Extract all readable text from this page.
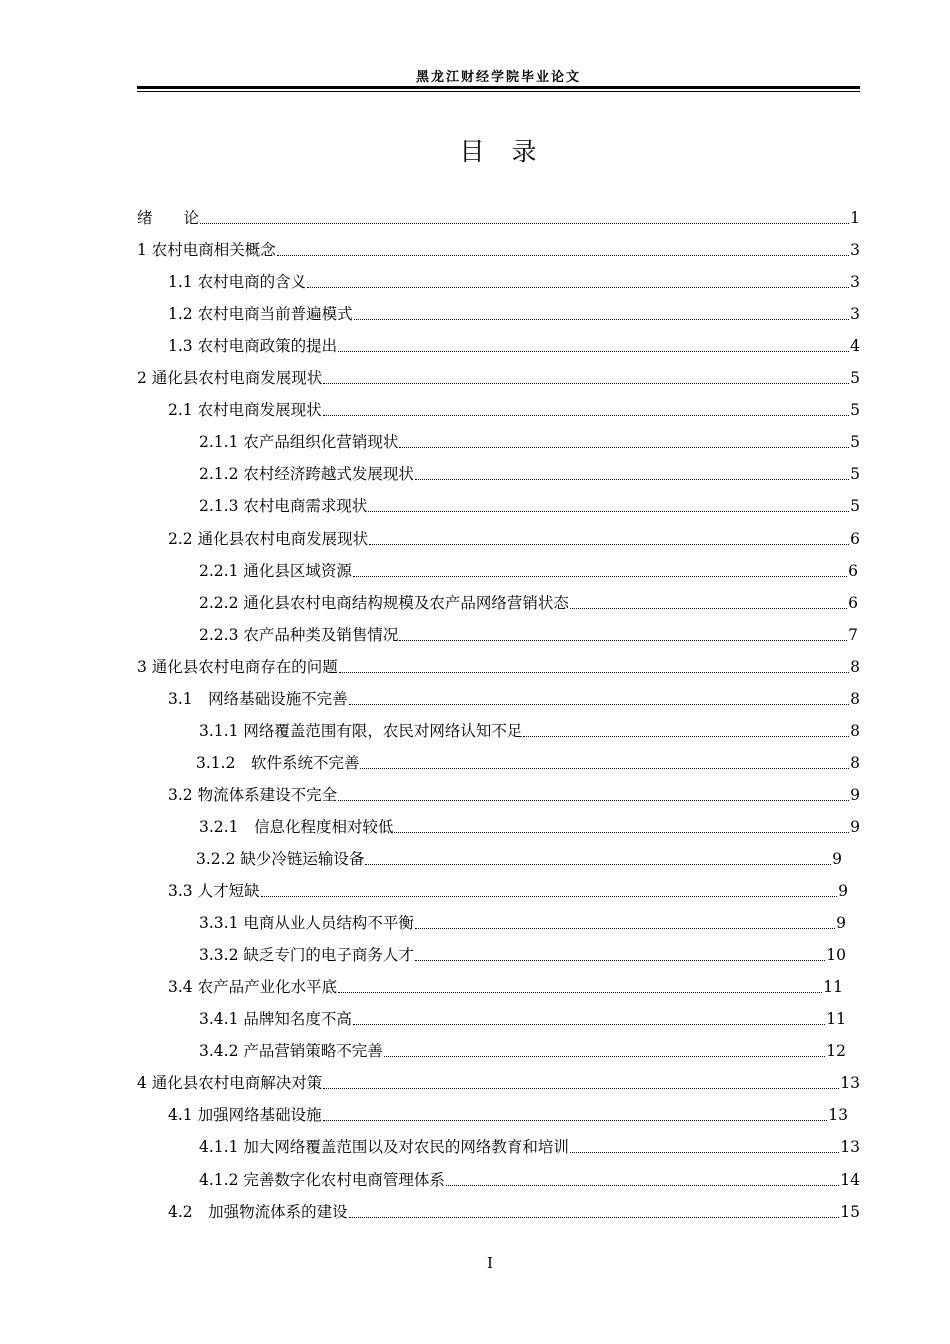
黑龙江财经学院毕业论文
目　录
绪　　论	1
1 农村电商相关概念	3
1.1 农村电商的含义	3
1.2 农村电商当前普遍模式	3
1.3 农村电商政策的提出	4
2 通化县农村电商发展现状	5
2.1 农村电商发展现状	5
2.1.1 农产品组织化营销现状	5
2.1.2 农村经济跨越式发展现状	5
2.1.3 农村电商需求现状	5
2.2 通化县农村电商发展现状	6
2.2.1 通化县区域资源	6
2.2.2 通化县农村电商结构规模及农产品网络营销状态	6
2.2.3 农产品种类及销售情况	7
3 通化县农村电商存在的问题	8
3.1　网络基础设施不完善	8
3.1.1 网络覆盖范围有限，农民对网络认知不足	8
3.1.2　软件系统不完善	8
3.2 物流体系建设不完全	9
3.2.1　信息化程度相对较低	9
3.2.2 缺少冷链运输设备	9
3.3 人才短缺	9
3.3.1 电商从业人员结构不平衡	9
3.3.2 缺乏专门的电子商务人才	10
3.4 农产品产业化水平底	11
3.4.1 品牌知名度不高	11
3.4.2 产品营销策略不完善	12
4 通化县农村电商解决对策	13
4.1 加强网络基础设施	13
4.1.1 加大网络覆盖范围以及对农民的网络教育和培训	13
4.1.2 完善数字化农村电商管理体系	14
4.2　加强物流体系的建设	15
I
